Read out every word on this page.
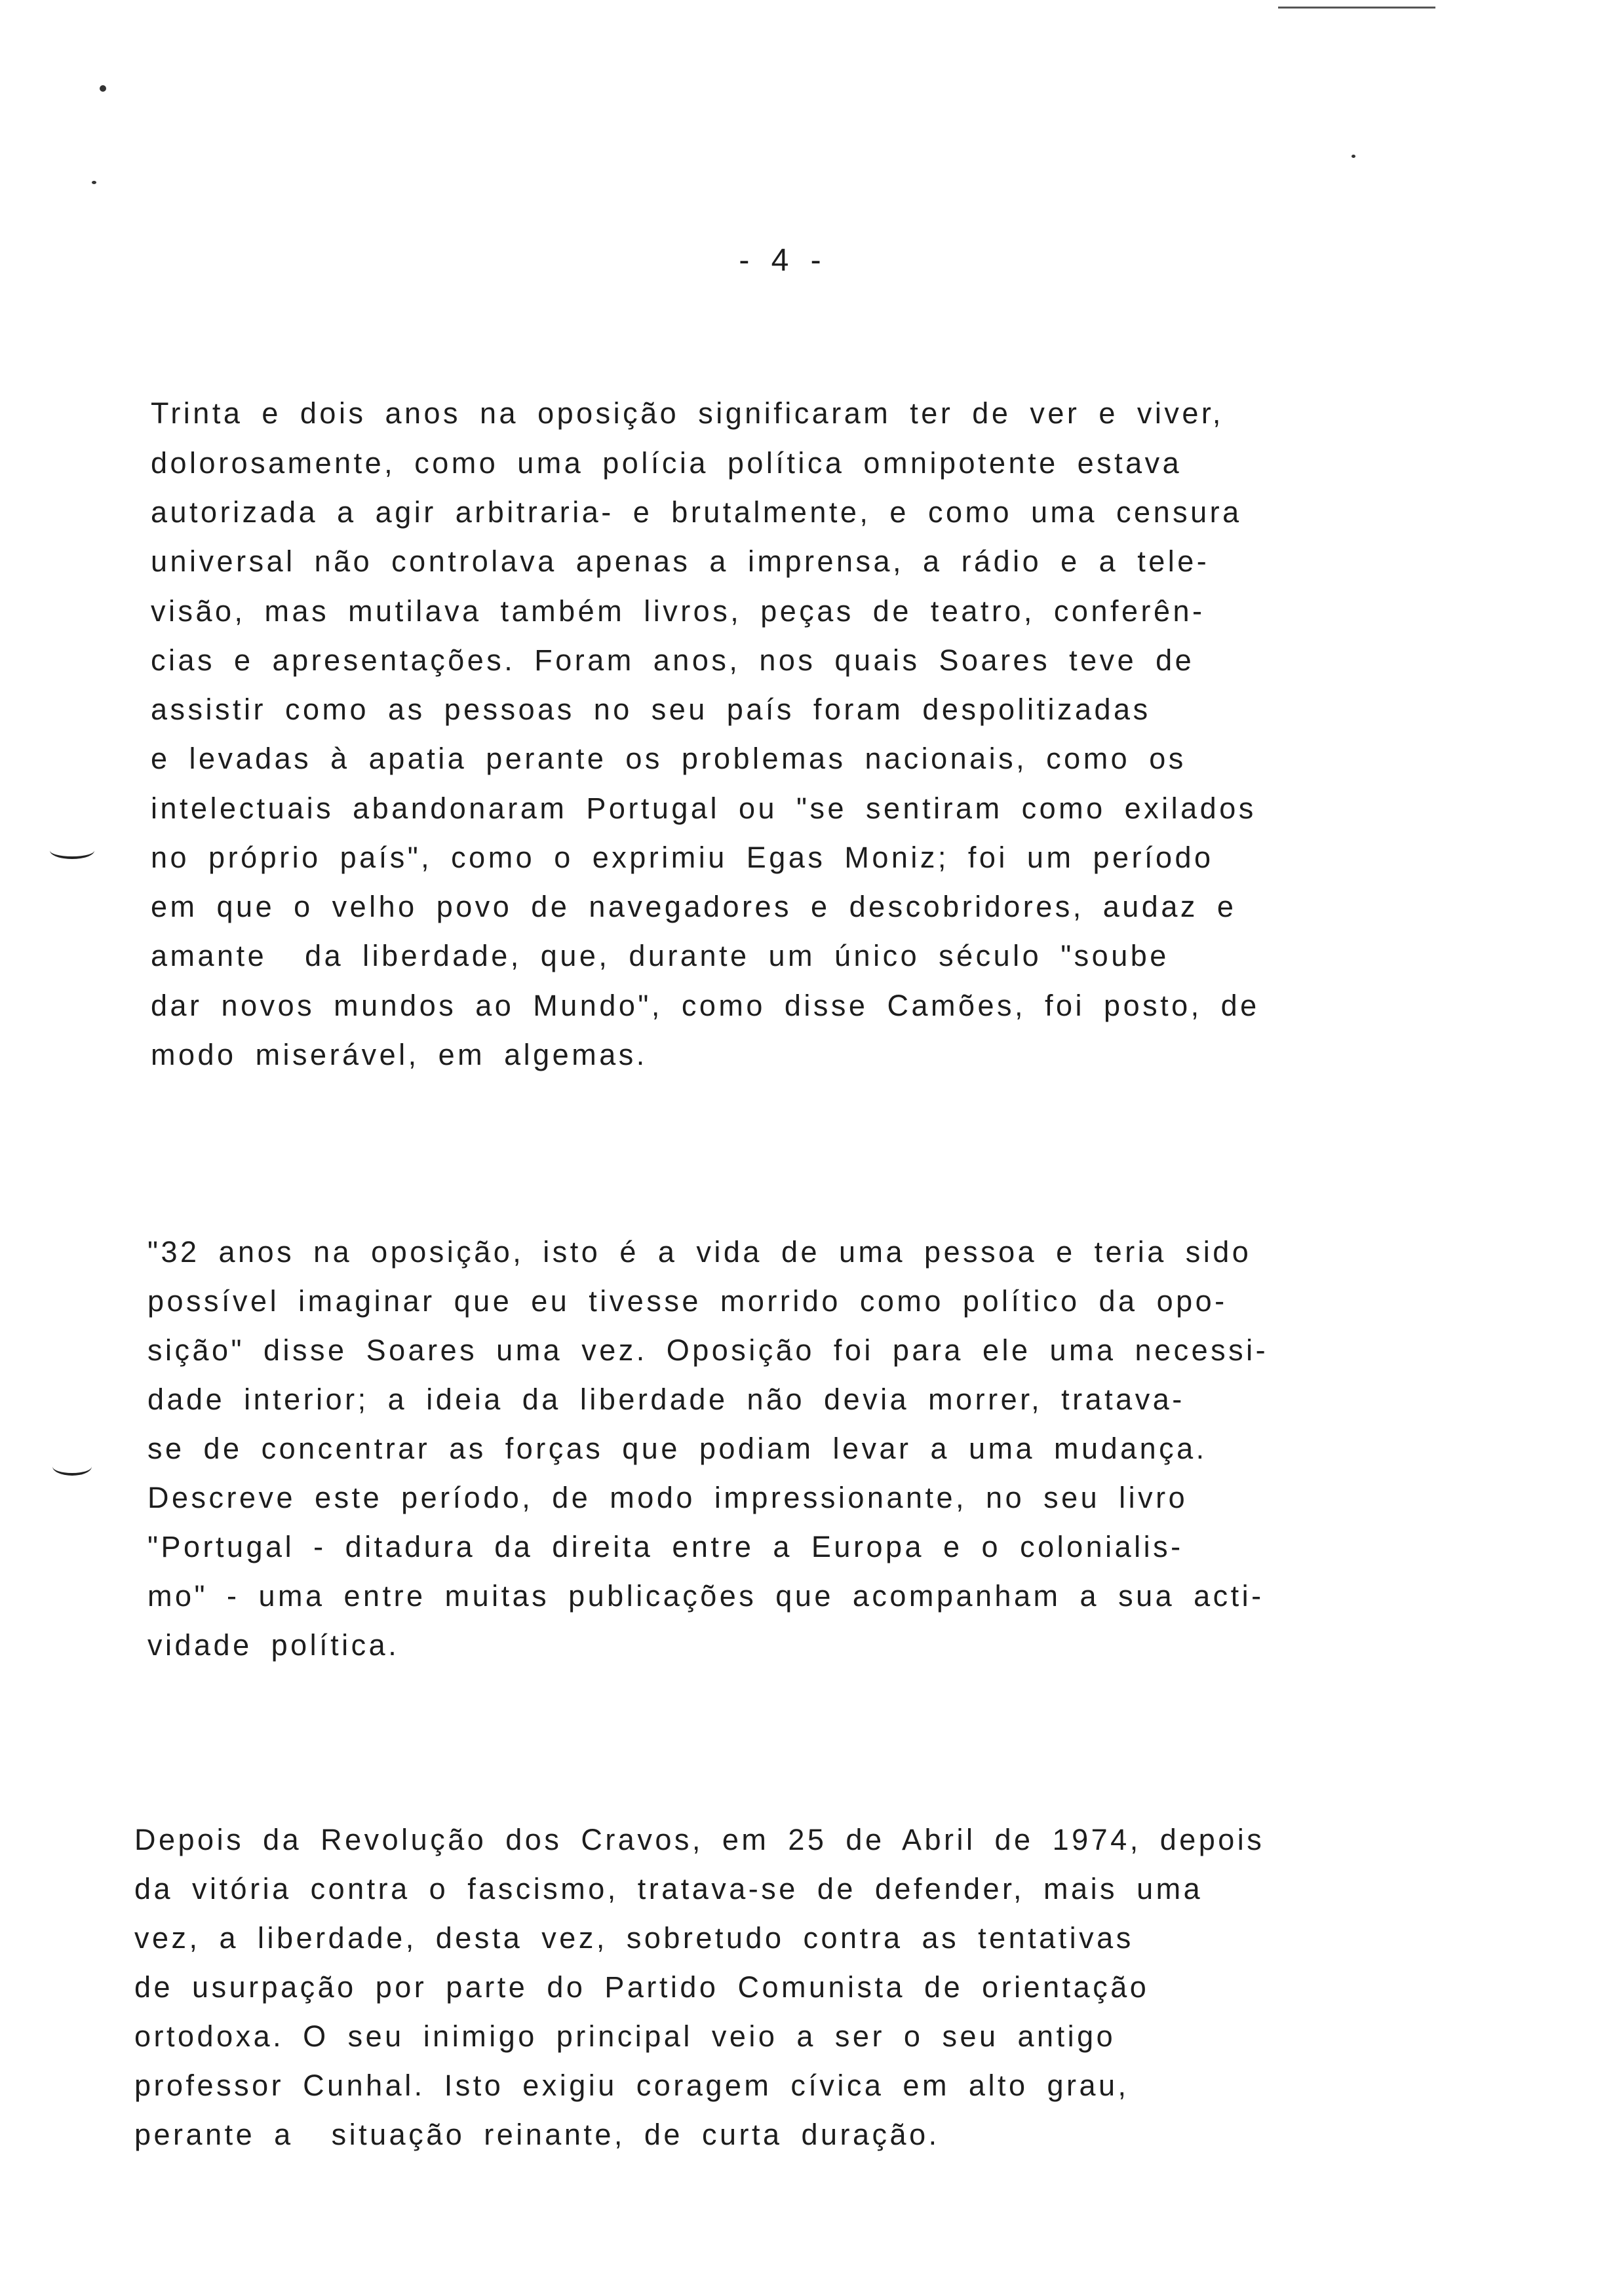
- 4 -
Trinta e dois anos na oposição significaram ter de ver e viver,
dolorosamente, como uma polícia política omnipotente estava
autorizada a agir arbitraria- e brutalmente, e como uma censura
universal não controlava apenas a imprensa, a rádio e a tele-
visão, mas mutilava também livros, peças de teatro, conferên-
cias e apresentações. Foram anos, nos quais Soares teve de
assistir como as pessoas no seu país foram despolitizadas
e levadas à apatia perante os problemas nacionais, como os
intelectuais abandonaram Portugal ou "se sentiram como exilados
no próprio país", como o exprimiu Egas Moniz; foi um período
em que o velho povo de navegadores e descobridores, audaz e
amante  da liberdade, que, durante um único século "soube
dar novos mundos ao Mundo", como disse Camões, foi posto, de
modo miserável, em algemas.
"32 anos na oposição, isto é a vida de uma pessoa e teria sido
possível imaginar que eu tivesse morrido como político da opo-
sição" disse Soares uma vez. Oposição foi para ele uma necessi-
dade interior; a ideia da liberdade não devia morrer, tratava-
se de concentrar as forças que podiam levar a uma mudança.
Descreve este período, de modo impressionante, no seu livro
"Portugal - ditadura da direita entre a Europa e o colonialis-
mo" - uma entre muitas publicações que acompanham a sua acti-
vidade política.
Depois da Revolução dos Cravos, em 25 de Abril de 1974, depois
da vitória contra o fascismo, tratava-se de defender, mais uma
vez, a liberdade, desta vez, sobretudo contra as tentativas
de usurpação por parte do Partido Comunista de orientação
ortodoxa. O seu inimigo principal veio a ser o seu antigo
professor Cunhal. Isto exigiu coragem cívica em alto grau,
perante a  situação reinante, de curta duração.
